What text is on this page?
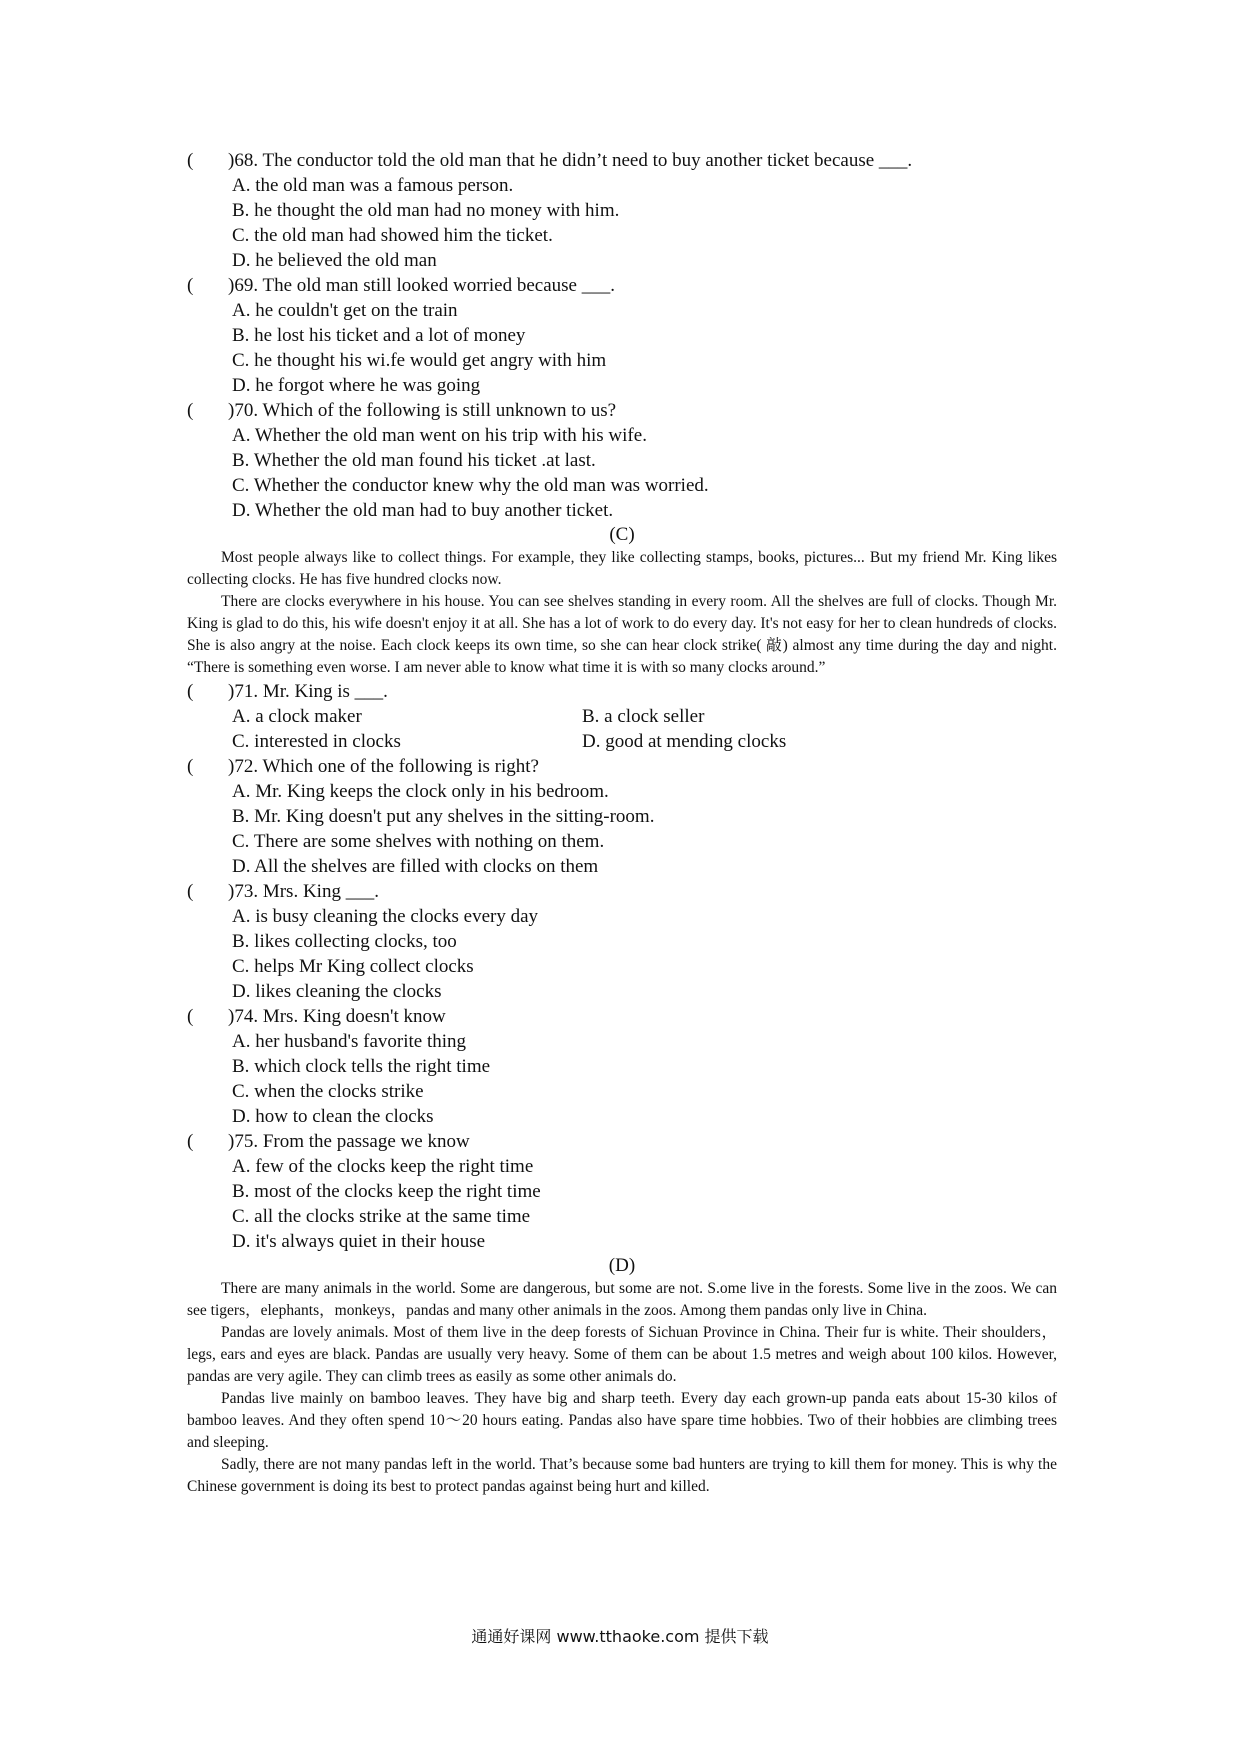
( )68. The conductor told the old man that he didn’t need to buy another ticket because ___.
A. the old man was a famous person.
B. he thought the old man had no money with him.
C. the old man had showed him the ticket.
D. he believed the old man
( )69. The old man still looked worried because ___.
A. he couldn't get on the train
B. he lost his ticket and a lot of money
C. he thought his wi.fe would get angry with him
D. he forgot where he was going
( )70. Which of the following is still unknown to us?
A. Whether the old man went on his trip with his wife.
B. Whether the old man found his ticket .at last.
C. Whether the conductor knew why the old man was worried.
D. Whether the old man had to buy another ticket.
(C)

Most people always like to collect things. For example, they like collecting stamps, books, pictures... But my friend Mr. King likes collecting clocks. He has five hundred clocks now.

There are clocks everywhere in his house. You can see shelves standing in every room. All the shelves are full of clocks. Though Mr. King is glad to do this, his wife doesn't enjoy it at all. She has a lot of work to do every day. It's not easy for her to clean hundreds of clocks. She is also angry at the noise. Each clock keeps its own time, so she can hear clock strike( 敲) almost any time during the day and night. “There is something even worse. I am never able to know what time it is with so many clocks around.”

( )71. Mr. King is ___.
A. a clock maker	B. a clock seller
C. interested in clocks	D. good at mending clocks
( )72. Which one of the following is right?
A. Mr. King keeps the clock only in his bedroom.
B. Mr. King doesn't put any shelves in the sitting-room.
C. There are some shelves with nothing on them.
D. All the shelves are filled with clocks on them
( )73. Mrs. King ___.
A. is busy cleaning the clocks every day
B. likes collecting clocks, too
C. helps Mr King collect clocks
D. likes cleaning the clocks
( )74. Mrs. King doesn't know
A. her husband's favorite thing
B. which clock tells the right time
C. when the clocks strike
D. how to clean the clocks
( )75. From the passage we know
A. few of the clocks keep the right time
B. most of the clocks keep the right time
C. all the clocks strike at the same time
D. it's always quiet in their house
(D)

There are many animals in the world. Some are dangerous, but some are not. S.ome live in the forests. Some live in the zoos. We can see tigers，elephants，monkeys，pandas and many other animals in the zoos. Among them pandas only live in China.

Pandas are lovely animals. Most of them live in the deep forests of Sichuan Province in China. Their fur is white. Their shoulders，legs, ears and eyes are black. Pandas are usually very heavy. Some of them can be about 1.5 metres and weigh about 100 kilos. However, pandas are very agile. They can climb trees as easily as some other animals do.

Pandas live mainly on bamboo leaves. They have big and sharp teeth. Every day each grown-up panda eats about 15-30 kilos of bamboo leaves. And they often spend 10～20 hours eating. Pandas also have spare time hobbies. Two of their hobbies are climbing trees and sleeping.

Sadly, there are not many pandas left in the world. That’s because some bad hunters are trying to kill them for money. This is why the Chinese government is doing its best to protect pandas against being hurt and killed.

通通好课网 www.tthaoke.com 提供下载
